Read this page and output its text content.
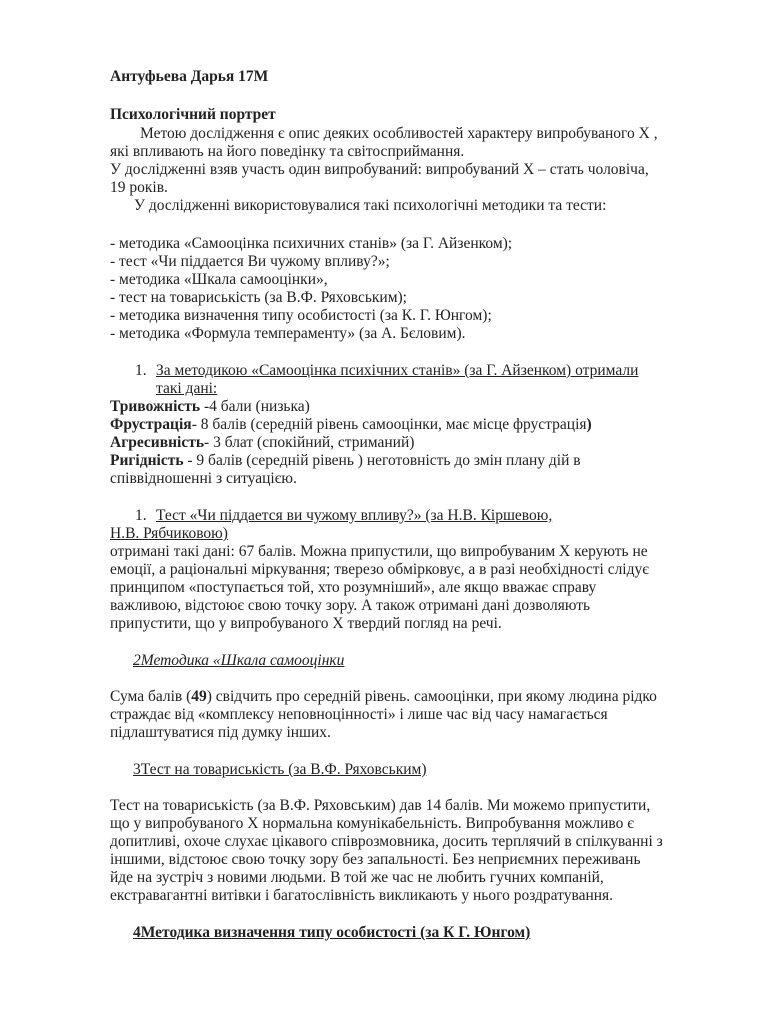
Антуфьева Дарья 17М
Психологічний портрет
Метою дослідження є опис деяких особливостей характеру випробуваного Х ,
які впливають на його поведінку та світосприймання.
У дослідженні взяв участь один випробуваний: випробуваний Х – стать чоловіча,
19 років.
У дослідженні використовувалися такі психологічні методики та тести:
- методика «Самооцінка психичних станів» (за Г. Айзенком);
- тест «Чи піддается Ви чужому впливу?»;
- методика «Шкала самооцінки»,
- тест на товариськість (за В.Ф. Ряховським);
- методика визначення типу особистості (за К. Г. Юнгом);
- методика «Формула темпераменту» (за А. Бєловим).
1. За методикою «Самооцінка психічних станів» (за Г. Айзенком) отримали
такі дані:
Тривожність -4 бали (низька)
Фрустрація- 8 балів (середній рівень самооцінки, має місце фрустрація)
Агресивність- 3 блат (спокійний, стриманий)
Ригідність - 9 балів (середній рівень ) неготовність до змін плану дій в
співвідношенні з ситуацією.
1. Тест «Чи піддается ви чужому впливу?» (за Н.В. Кіршевою,
Н.В. Рябчиковою)
отримані такі дані: 67 балів. Можна припустили, що випробуваним Х керують не
емоції, а раціональні міркування; тверезо обмірковує, а в разі необхідності слідує
принципом «поступається той, хто розумніший», але якщо вважає справу
важливою, відстоює свою точку зору. А також отримані дані дозволяють
припустити, що у випробуваного Х твердий погляд на речі.
2Методика «Шкала самооцінки
Сума балів (49) свідчить про середній рівень. самооцінки, при якому людина рідко
страждає від «комплексу неповноцінності» і лише час від часу намагається
підлаштуватися під думку інших.
3Тест на товариськість (за В.Ф. Ряховським)
Тест на товариськість (за В.Ф. Ряховським) дав 14 балів. Ми можемо припустити,
що у випробуваного Х нормальна комунікабельність. Випробування можливо є
допитливі, охоче слухає цікавого співрозмовника, досить терплячий в спілкуванні з
іншими, відстоює свою точку зору без запальності. Без неприємних переживань
йде на зустріч з новими людьми. В той же час не любить гучних компаній,
екстравагантні витівки і багатослівність викликають у нього роздратування.
4Методика визначення типу особистості (за К Г. Юнгом)
